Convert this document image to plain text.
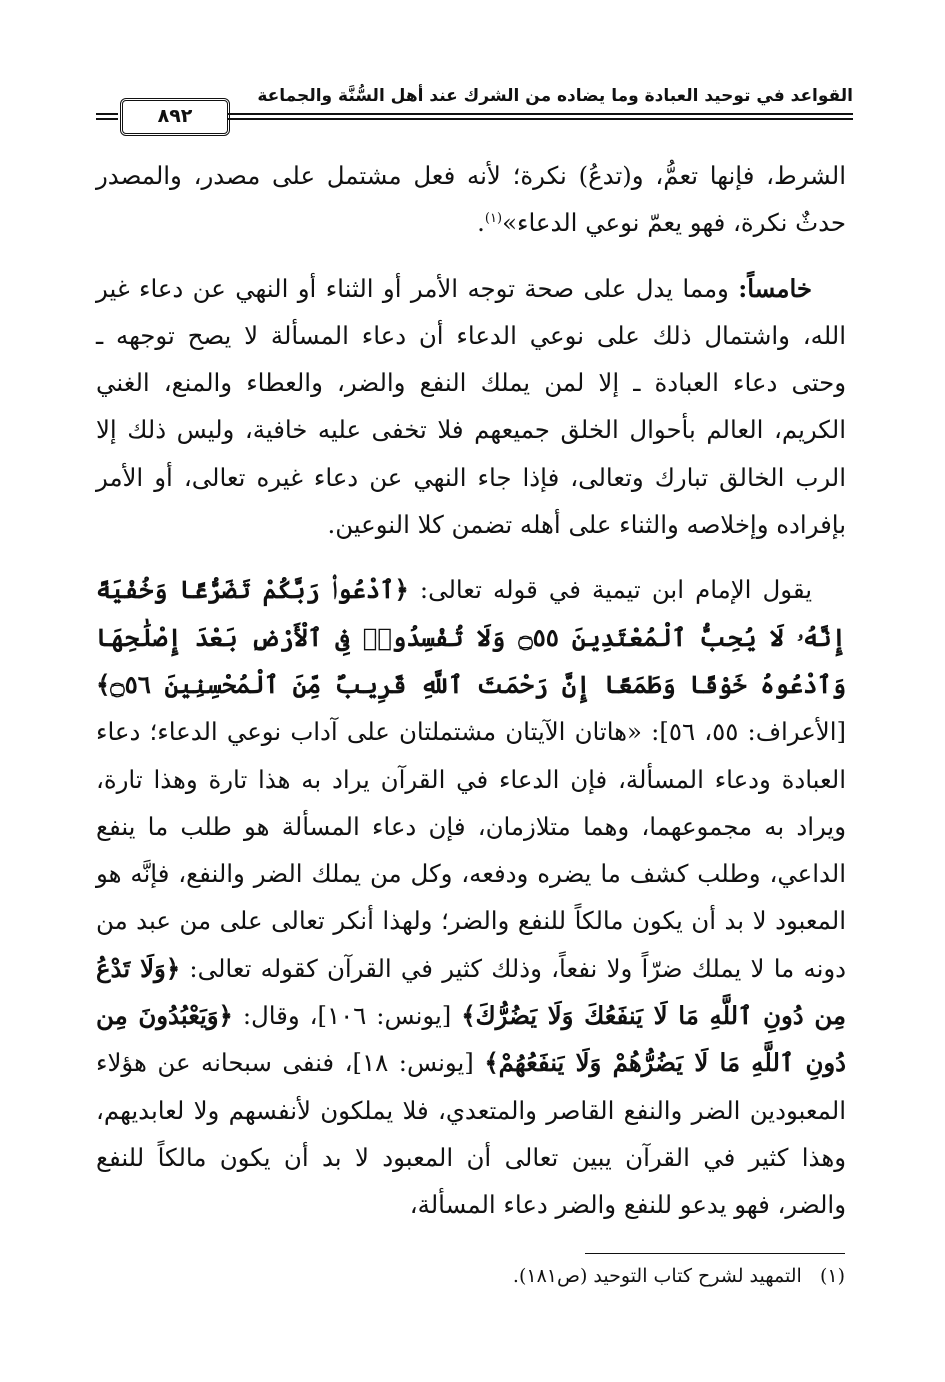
القواعد في توحيد العبادة وما يضاده من الشرك عند أهل السُّنَّة والجماعة
٨٩٢

الشرط، فإنها تعمُّ، و(تدعُ) نكرة؛ لأنه فعل مشتمل على مصدر، والمصدر حدثٌ نكرة، فهو يعمّ نوعي الدعاء»$^{(١)}$.

خامساً: ومما يدل على صحة توجه الأمر أو الثناء أو النهي عن دعاء غير الله، واشتمال ذلك على نوعي الدعاء أن دعاء المسألة لا يصح توجهه ـ وحتى دعاء العبادة ـ إلا لمن يملك النفع والضر، والعطاء والمنع، الغني الكريم، العالم بأحوال الخلق جميعهم فلا تخفى عليه خافية، وليس ذلك إلا الرب الخالق تبارك وتعالى، فإذا جاء النهي عن دعاء غيره تعالى، أو الأمر بإفراده وإخلاصه والثناء على أهله تضمن كلا النوعين.

يقول الإمام ابن تيمية في قوله تعالى: ﴿ٱدْعُوا۟ رَبَّكُمْ تَضَرُّعًا وَخُفْيَةً إِنَّهُۥ لَا يُحِبُّ ٱلْمُعْتَدِينَ ۝٥٥ وَلَا تُفْسِدُوا۟ فِى ٱلْأَرْضِ بَعْدَ إِصْلَٰحِهَا وَٱدْعُوهُ خَوْفًا وَطَمَعًا إِنَّ رَحْمَتَ ٱللَّهِ قَرِيبٌ مِّنَ ٱلْمُحْسِنِينَ ۝٥٦﴾ [الأعراف: ٥٥، ٥٦]: «هاتان الآيتان مشتملتان على آداب نوعي الدعاء؛ دعاء العبادة ودعاء المسألة، فإن الدعاء في القرآن يراد به هذا تارة وهذا تارة، ويراد به مجموعهما، وهما متلازمان، فإن دعاء المسألة هو طلب ما ينفع الداعي، وطلب كشف ما يضره ودفعه، وكل من يملك الضر والنفع، فإنَّه هو المعبود لا بد أن يكون مالكاً للنفع والضر؛ ولهذا أنكر تعالى على من عبد من دونه ما لا يملك ضرّاً ولا نفعاً، وذلك كثير في القرآن كقوله تعالى: ﴿وَلَا تَدْعُ مِن دُونِ ٱللَّهِ مَا لَا يَنفَعُكَ وَلَا يَضُرُّكَ﴾ [يونس: ١٠٦]، وقال: ﴿وَيَعْبُدُونَ مِن دُونِ ٱللَّهِ مَا لَا يَضُرُّهُمْ وَلَا يَنفَعُهُمْ﴾ [يونس: ١٨]، فنفى سبحانه عن هؤلاء المعبودين الضر والنفع القاصر والمتعدي، فلا يملكون لأنفسهم ولا لعابديهم، وهذا كثير في القرآن يبين تعالى أن المعبود لا بد أن يكون مالكاً للنفع والضر، فهو يدعو للنفع والضر دعاء المسألة،

(١)   التمهيد لشرح كتاب التوحيد (ص١٨١).
